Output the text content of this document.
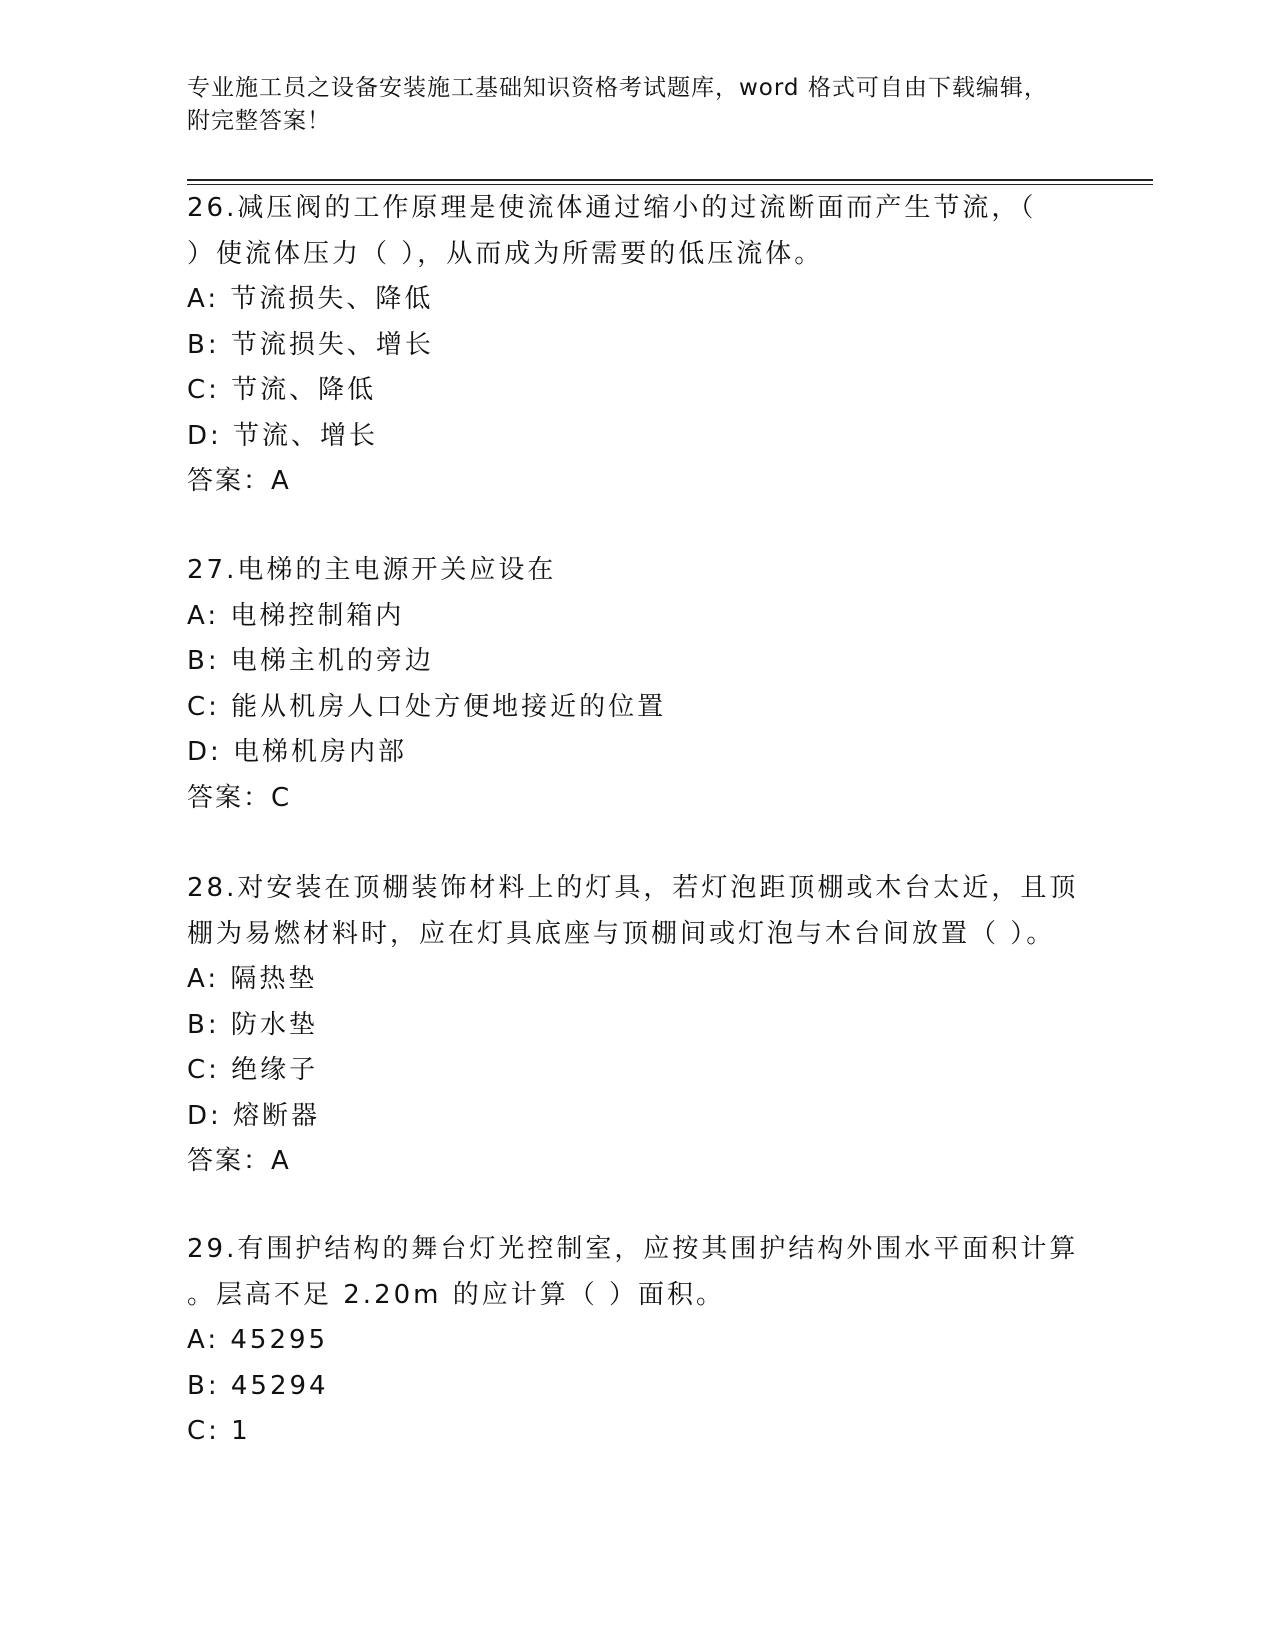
专业施工员之设备安装施工基础知识资格考试题库，word 格式可自由下载编辑，
附完整答案！
26.减压阀的工作原理是使流体通过缩小的过流断面而产生节流，（
）使流体压力（ ），从而成为所需要的低压流体。
A: 节流损失、降低
B: 节流损失、增长
C: 节流、降低
D: 节流、增长
答案：A
27.电梯的主电源开关应设在
A: 电梯控制箱内
B: 电梯主机的旁边
C: 能从机房人口处方便地接近的位置
D: 电梯机房内部
答案：C
28.对安装在顶棚装饰材料上的灯具，若灯泡距顶棚或木台太近，且顶
棚为易燃材料时，应在灯具底座与顶棚间或灯泡与木台间放置（ ）。
A: 隔热垫
B: 防水垫
C: 绝缘子
D: 熔断器
答案：A
29.有围护结构的舞台灯光控制室，应按其围护结构外围水平面积计算
。层高不足 2.20m 的应计算（ ）面积。
A: 45295
B: 45294
C: 1
